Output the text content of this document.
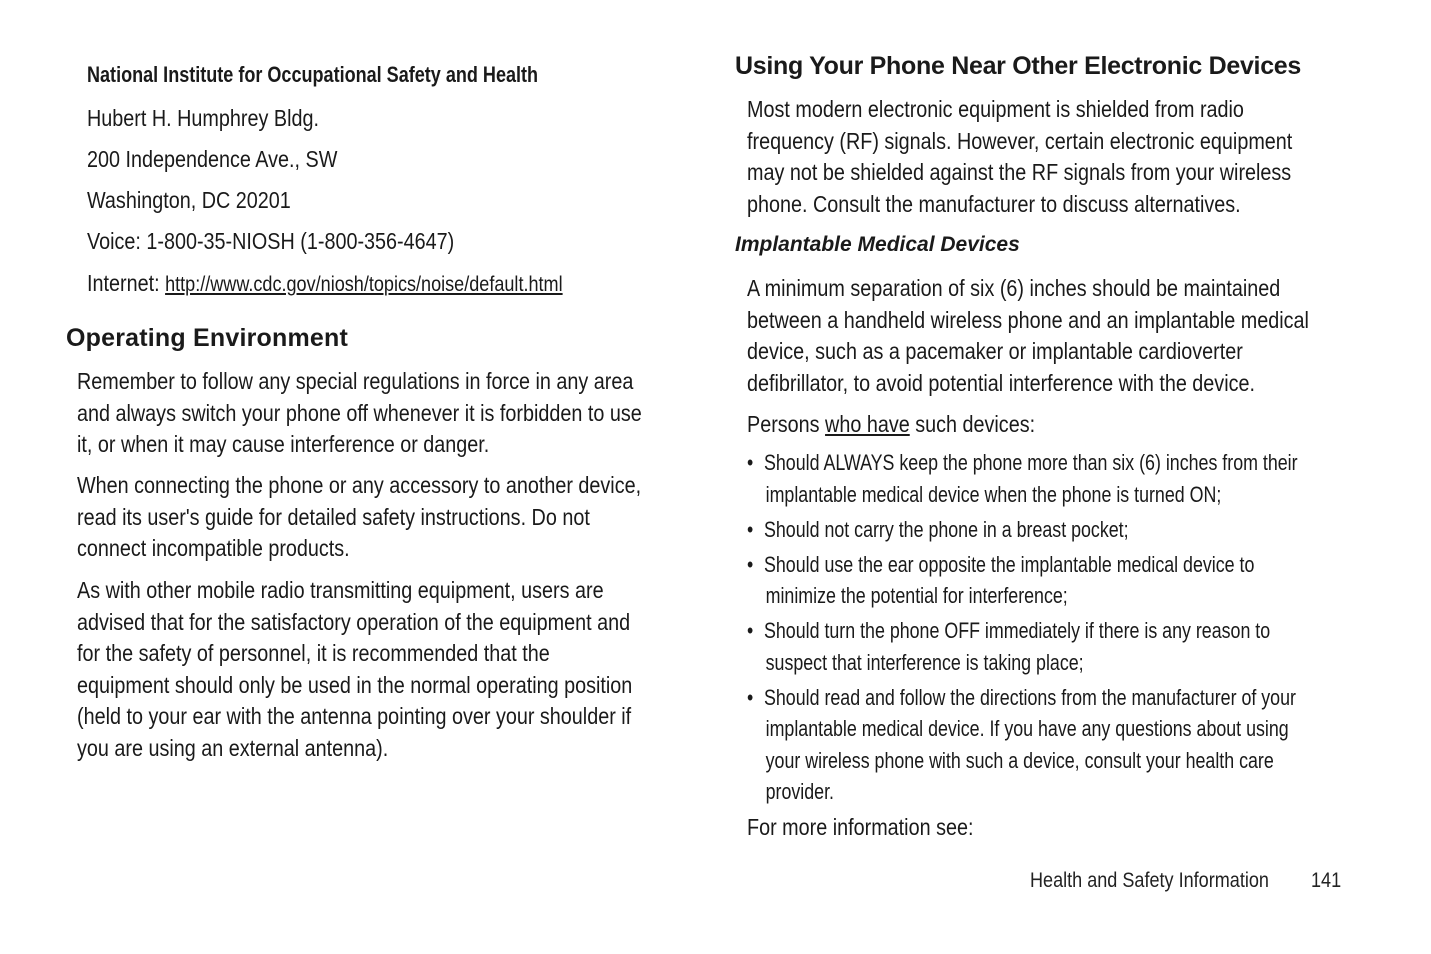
National Institute for Occupational Safety and Health
Hubert H. Humphrey Bldg.
200 Independence Ave., SW
Washington, DC 20201
Voice: 1-800-35-NIOSH (1-800-356-4647)
Internet: http://www.cdc.gov/niosh/topics/noise/default.html
Operating Environment
Remember to follow any special regulations in force in any area
and always switch your phone off whenever it is forbidden to use
it, or when it may cause interference or danger.
When connecting the phone or any accessory to another device,
read its user's guide for detailed safety instructions. Do not
connect incompatible products.
As with other mobile radio transmitting equipment, users are
advised that for the satisfactory operation of the equipment and
for the safety of personnel, it is recommended that the
equipment should only be used in the normal operating position
(held to your ear with the antenna pointing over your shoulder if
you are using an external antenna).
Using Your Phone Near Other Electronic Devices
Most modern electronic equipment is shielded from radio
frequency (RF) signals. However, certain electronic equipment
may not be shielded against the RF signals from your wireless
phone. Consult the manufacturer to discuss alternatives.
Implantable Medical Devices
A minimum separation of six (6) inches should be maintained
between a handheld wireless phone and an implantable medical
device, such as a pacemaker or implantable cardioverter
defibrillator, to avoid potential interference with the device.
Persons who have such devices:
• Should ALWAYS keep the phone more than six (6) inches from their
implantable medical device when the phone is turned ON;
• Should not carry the phone in a breast pocket;
• Should use the ear opposite the implantable medical device to
minimize the potential for interference;
• Should turn the phone OFF immediately if there is any reason to
suspect that interference is taking place;
• Should read and follow the directions from the manufacturer of your
implantable medical device. If you have any questions about using
your wireless phone with such a device, consult your health care
provider.
For more information see:
Health and Safety Information 141
